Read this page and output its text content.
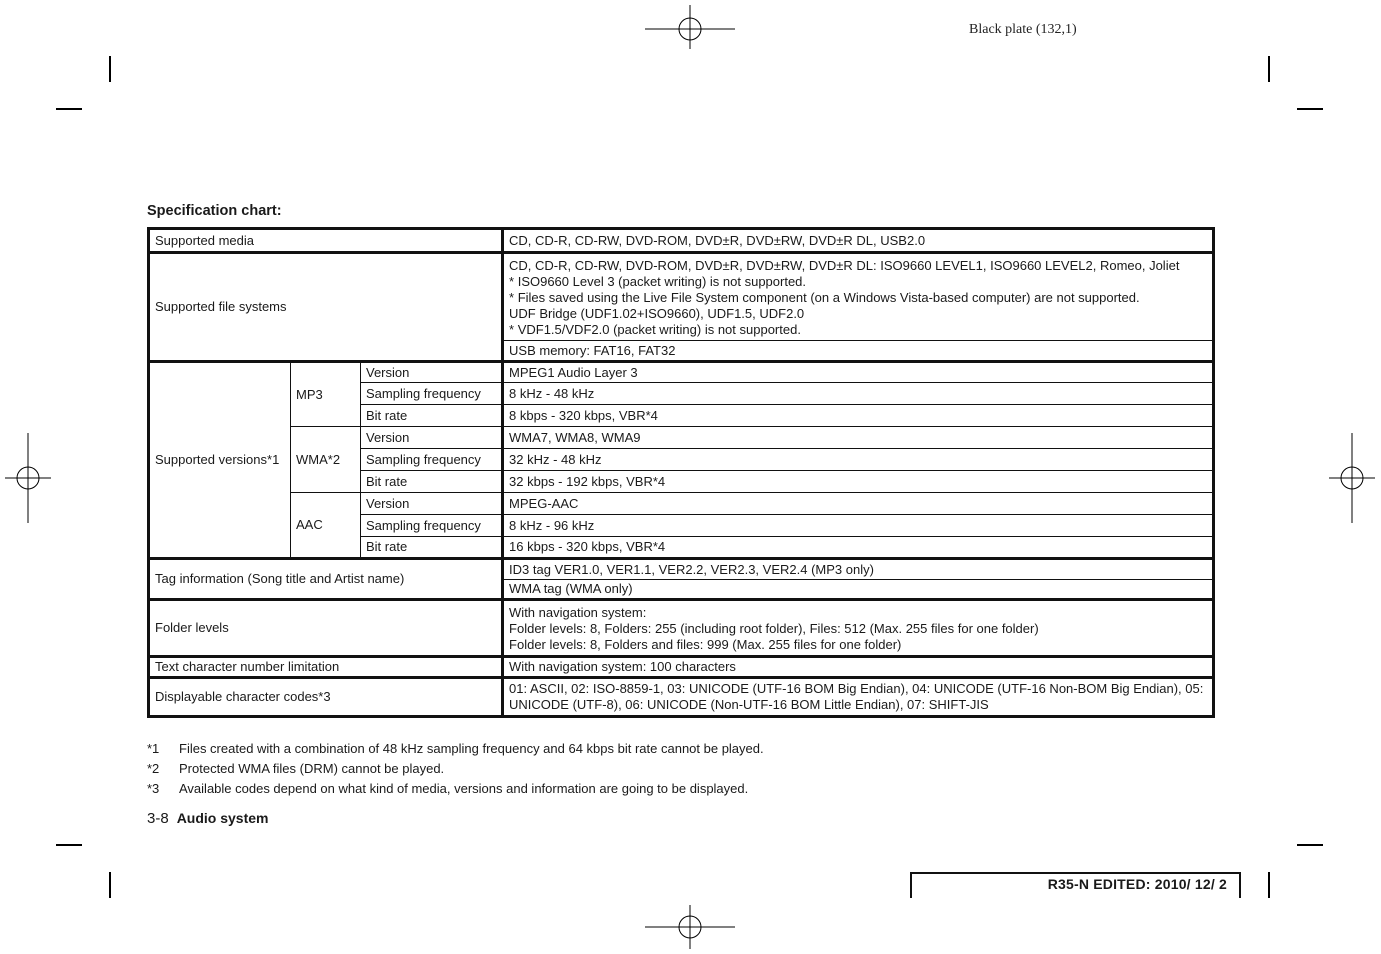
Black plate (132,1)
Specification chart:
Supported media			CD, CD-R, CD-RW, DVD-ROM, DVD±R, DVD±RW, DVD±R DL, USB2.0
Supported file systems			CD, CD-R, CD-RW, DVD-ROM, DVD±R, DVD±RW, DVD±R DL: ISO9660 LEVEL1, ISO9660 LEVEL2, Romeo, Joliet
* ISO9660 Level 3 (packet writing) is not supported.
* Files saved using the Live File System component (on a Windows Vista-based computer) are not supported.
UDF Bridge (UDF1.02+ISO9660), UDF1.5, UDF2.0
* VDF1.5/VDF2.0 (packet writing) is not supported.

			USB memory: FAT16, FAT32
Supported versions*1	MP3	Version	MPEG1 Audio Layer 3
		Sampling frequency	8 kHz - 48 kHz
		Bit rate	8 kbps - 320 kbps, VBR*4
	WMA*2	Version	WMA7, WMA8, WMA9
		Sampling frequency	32 kHz - 48 kHz
		Bit rate	32 kbps - 192 kbps, VBR*4
	AAC	Version	MPEG-AAC
		Sampling frequency	8 kHz - 96 kHz
		Bit rate	16 kbps - 320 kbps, VBR*4
Tag information (Song title and Artist name)			ID3 tag VER1.0, VER1.1, VER2.2, VER2.3, VER2.4 (MP3 only)
			WMA tag (WMA only)
Folder levels			With navigation system:
Folder levels: 8, Folders: 255 (including root folder), Files: 512 (Max. 255 files for one folder)
Folder levels: 8, Folders and files: 999 (Max. 255 files for one folder)

Text character number limitation			With navigation system: 100 characters
Displayable character codes*3			01: ASCII, 02: ISO-8859-1, 03: UNICODE (UTF-16 BOM Big Endian), 04: UNICODE (UTF-16 Non-BOM Big Endian), 05: UNICODE (UTF-8), 06: UNICODE (Non-UTF-16 BOM Little Endian), 07: SHIFT-JIS
*1 Files created with a combination of 48 kHz sampling frequency and 64 kbps bit rate cannot be played.
*2 Protected WMA files (DRM) cannot be played.
*3 Available codes depend on what kind of media, versions and information are going to be displayed.
3-8 Audio system
R35-N EDITED: 2010/ 12/ 2
